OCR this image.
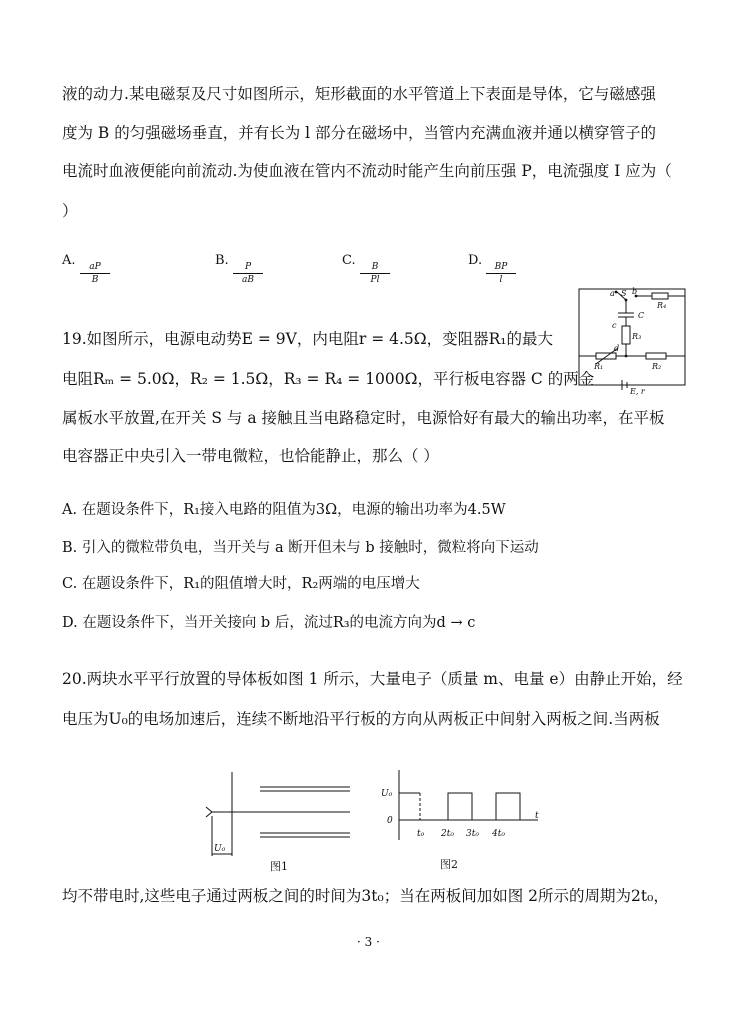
液的动力.某电磁泵及尺寸如图所示，矩形截面的水平管道上下表面是导体，它与磁感强
度为 B 的匀强磁场垂直，并有长为 l 部分在磁场中，当管内充满血液并通以横穿管子的
电流时血液便能向前流动.为使血液在管内不流动时能产生向前压强 P，电流强度 I 应为（
）
A.
$\frac{aP}{B}$
B.
$\frac{P}{aB}$
C.
$\frac{B}{Pl}$
D.
$\frac{BP}{l}$
19.如图所示，电源电动势E = 9V，内电阻r = 4.5Ω，变阻器R₁的最大
电阻Rₘ = 5.0Ω，R₂ = 1.5Ω，R₃ = R₄ = 1000Ω，平行板电容器 C 的两金
属板水平放置,在开关 S 与 a 接触且当电路稳定时，电源恰好有最大的输出功率，在平板
电容器正中央引入一带电微粒，也恰能静止，那么（ ）
a S b
R₄
C
c
R₃
d
R₁	R₂
E, r
A. 在题设条件下，R₁接入电路的阻值为3Ω，电源的输出功率为4.5W
B. 引入的微粒带负电，当开关与 a 断开但未与 b 接触时，微粒将向下运动
C. 在题设条件下，R₁的阻值增大时，R₂两端的电压增大
D. 在题设条件下，当开关接向 b 后，流过R₃的电流方向为d → c
20.两块水平平行放置的导体板如图 1 所示，大量电子（质量 m、电量 e）由静止开始，经
电压为U₀的电场加速后，连续不断地沿平行板的方向从两板正中间射入两板之间.当两板
U₀
图1
U₀
0	t
t₀ 2t₀ 3t₀ 4t₀
图2
均不带电时,这些电子通过两板之间的时间为3t₀；当在两板间加如图 2所示的周期为2t₀，
· 3 ·
